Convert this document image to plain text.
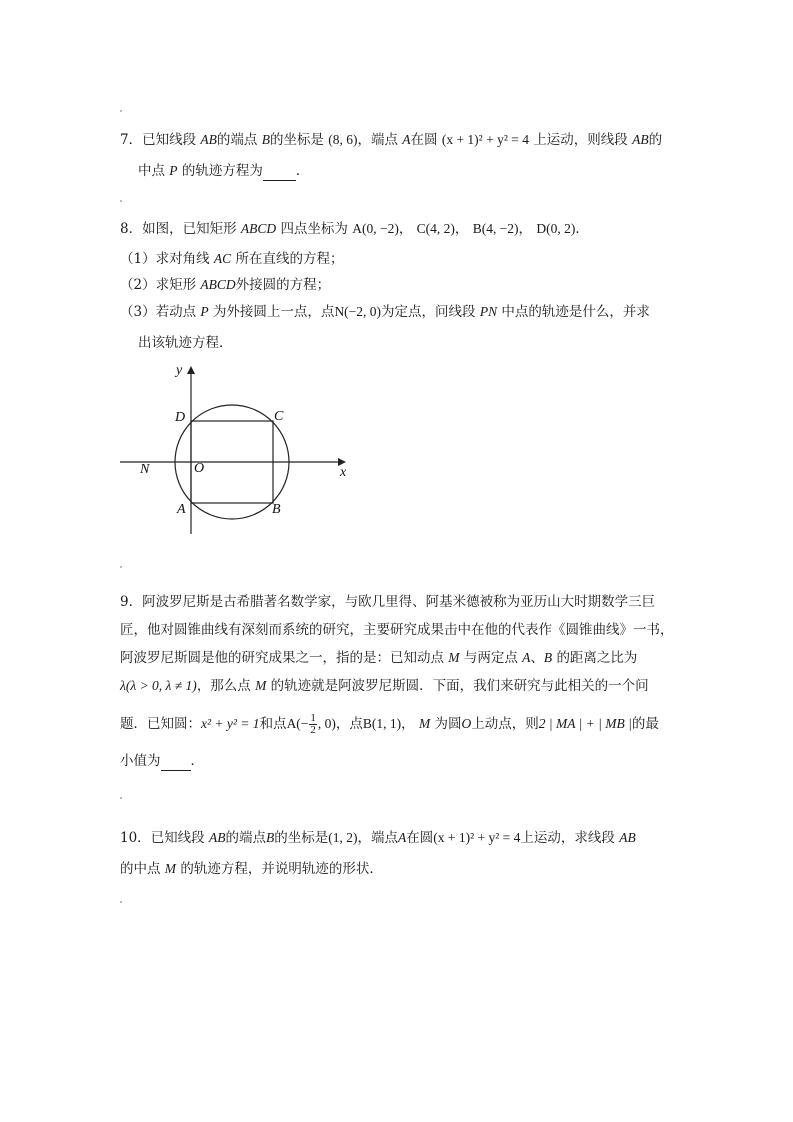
7．已知线段 AB的端点 B的坐标是 (8, 6)，端点 A在圆 (x + 1)² + y² = 4 上运动，则线段 AB的
中点 P 的轨迹方程为 ．
8．如图，已知矩形 ABCD 四点坐标为 A(0, −2)， C(4, 2)， B(4, −2)， D(0, 2)．
（1）求对角线 AC 所在直线的方程；
（2）求矩形 ABCD外接圆的方程；
（3）若动点 P 为外接圆上一点，点N(−2, 0)为定点，问线段 PN 中点的轨迹是什么，并求
出该轨迹方程．
y
x
D	C
N	O
A	B
9．阿波罗尼斯是古希腊著名数学家，与欧几里得、阿基米德被称为亚历山大时期数学三巨
匠，他对圆锥曲线有深刻而系统的研究，主要研究成果击中在他的代表作《圆锥曲线》一书，
阿波罗尼斯圆是他的研究成果之一，指的是：已知动点 M 与两定点 A、B 的距离之比为
λ(λ > 0, λ ≠ 1)，那么点 M 的轨迹就是阿波罗尼斯圆．下面，我们来研究与此相关的一个问
题．已知圆：x² + y² = 1和点$A(- \frac{1}{2}$ , 0)，点B(1, 1)， M 为圆O上动点，则2 | MA | + | MB |的最
小值为 ．
10．已知线段 AB的端点B的坐标是(1, 2)，端点A在圆(x + 1)² + y² = 4上运动，求线段 AB
的中点 M 的轨迹方程，并说明轨迹的形状．
